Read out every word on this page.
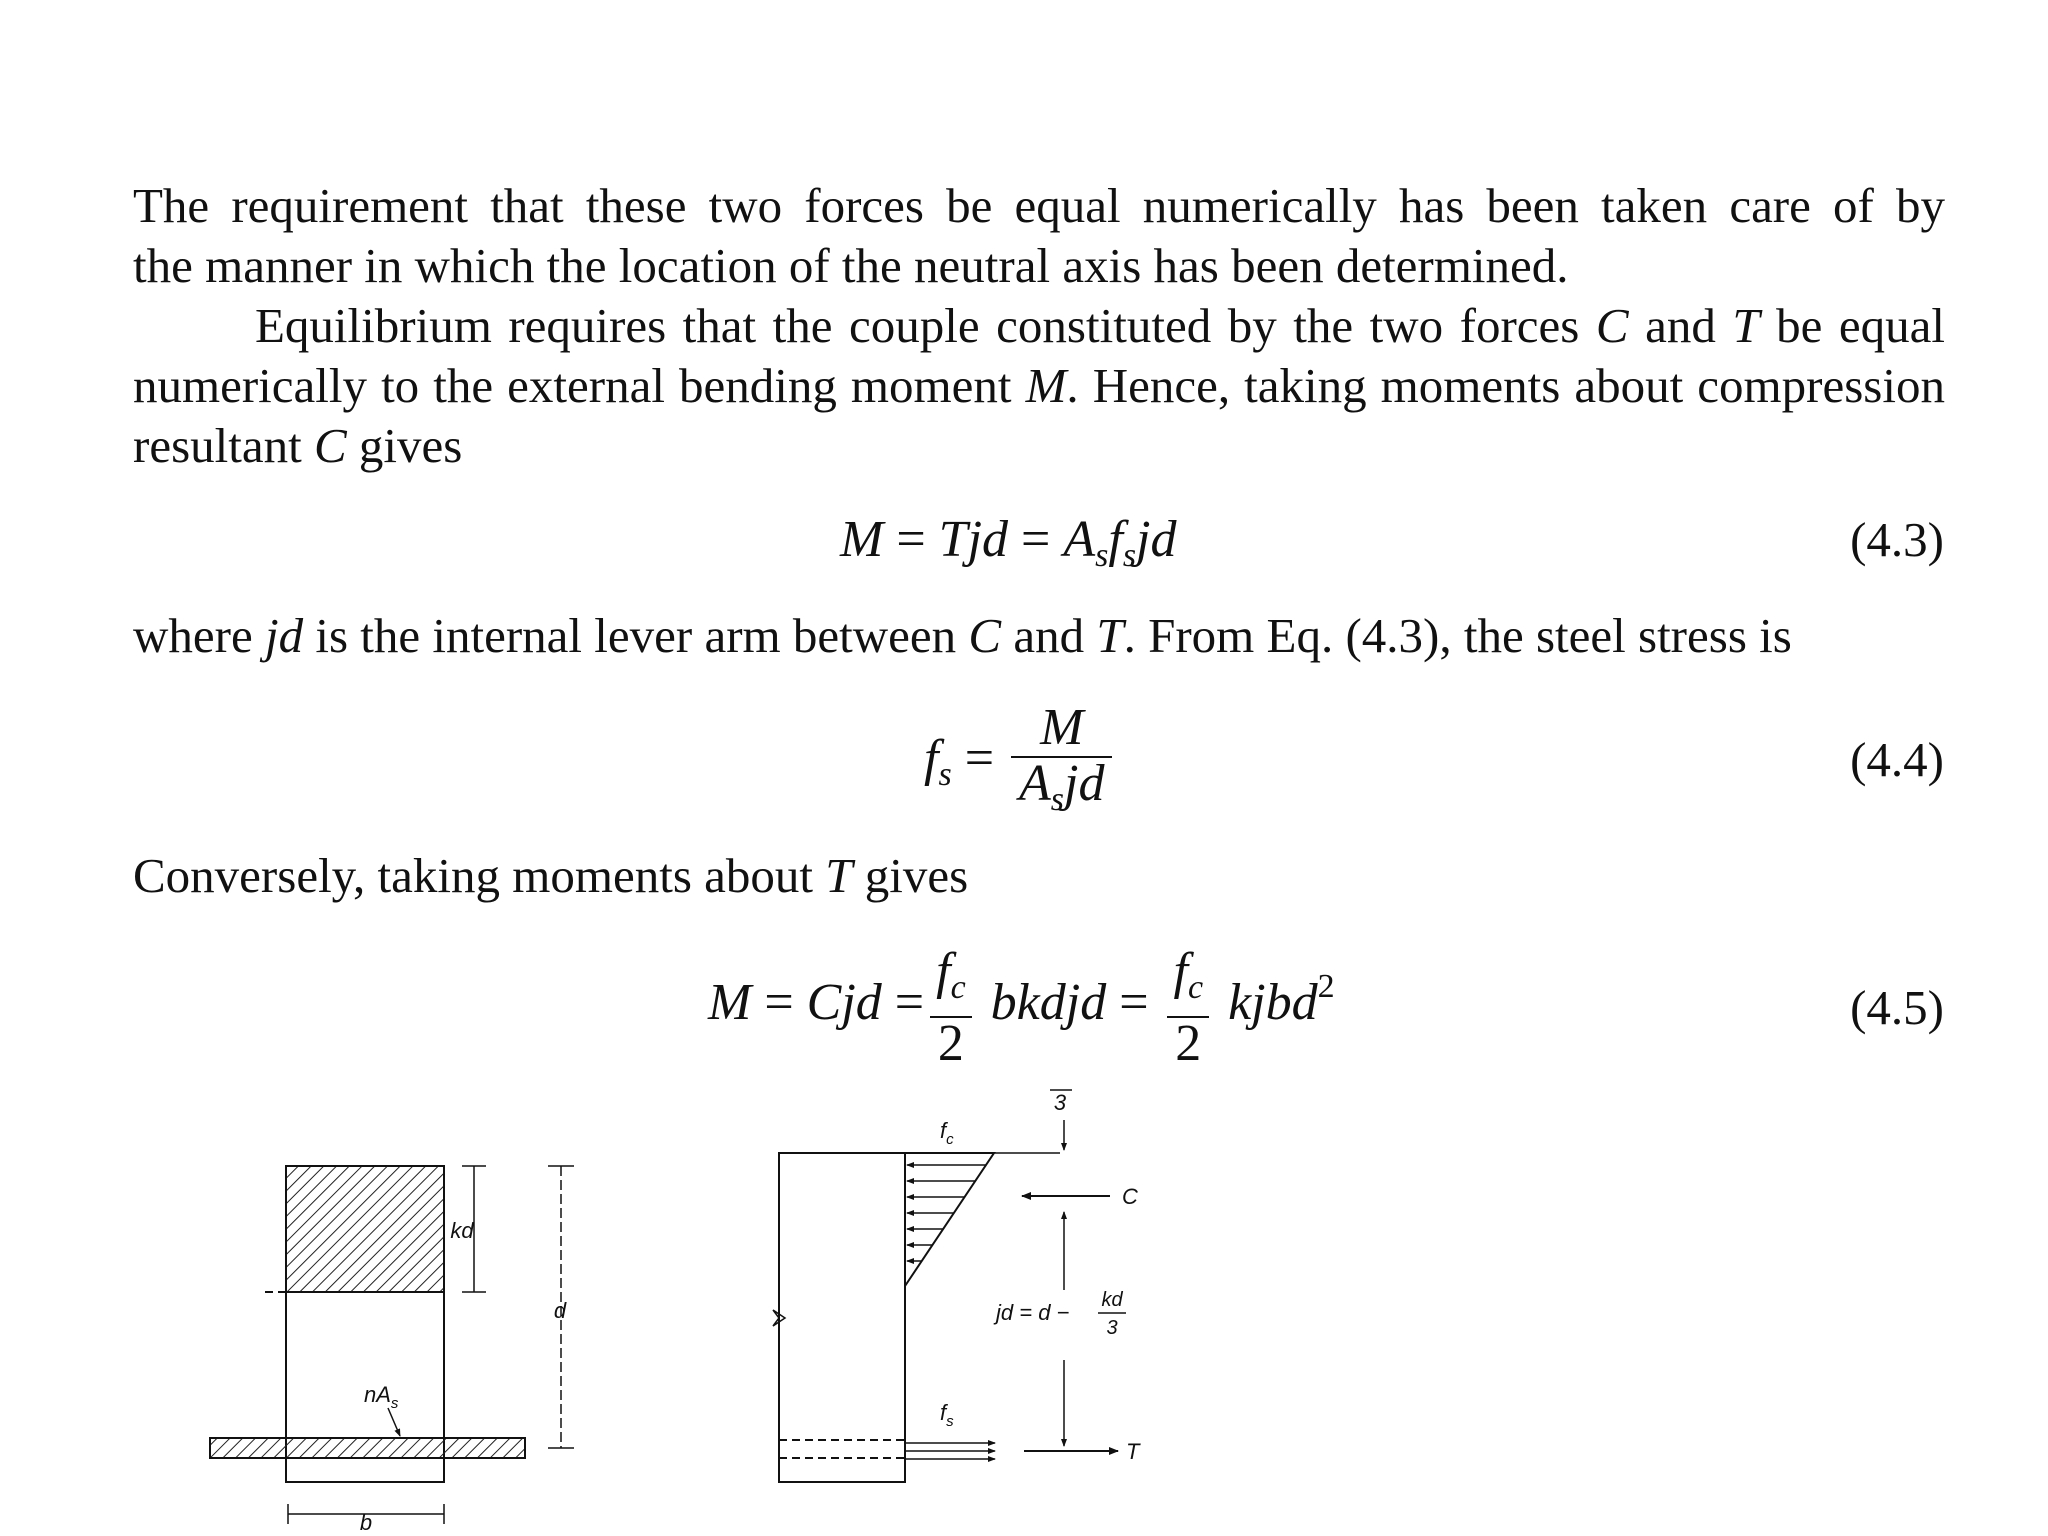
The requirement that these two forces be equal numerically has been taken care of by

the manner in which the location of the neutral axis has been determined.

Equilibrium requires that the couple constituted by the two forces C and T be equal numerically to the external bending moment M. Hence, taking moments about compression resultant C gives

M = Tjd = $A_sf_sjd$	(4.3)

where jd is the internal lever arm between C and T. From Eq. (4.3), the steel stress is

$f_s = \frac{M}{A_sjd}$	(4.4)

Conversely, taking moments about T gives

M = Cjd = $\frac{f_c}{2}$ bkdjd = $\frac{f_c}{2}$ kjbd$^2$	(4.5)
kd
d
$nA_s$
b
$f_c$
3
C
jd = d − kd
3
$f_s$
T
